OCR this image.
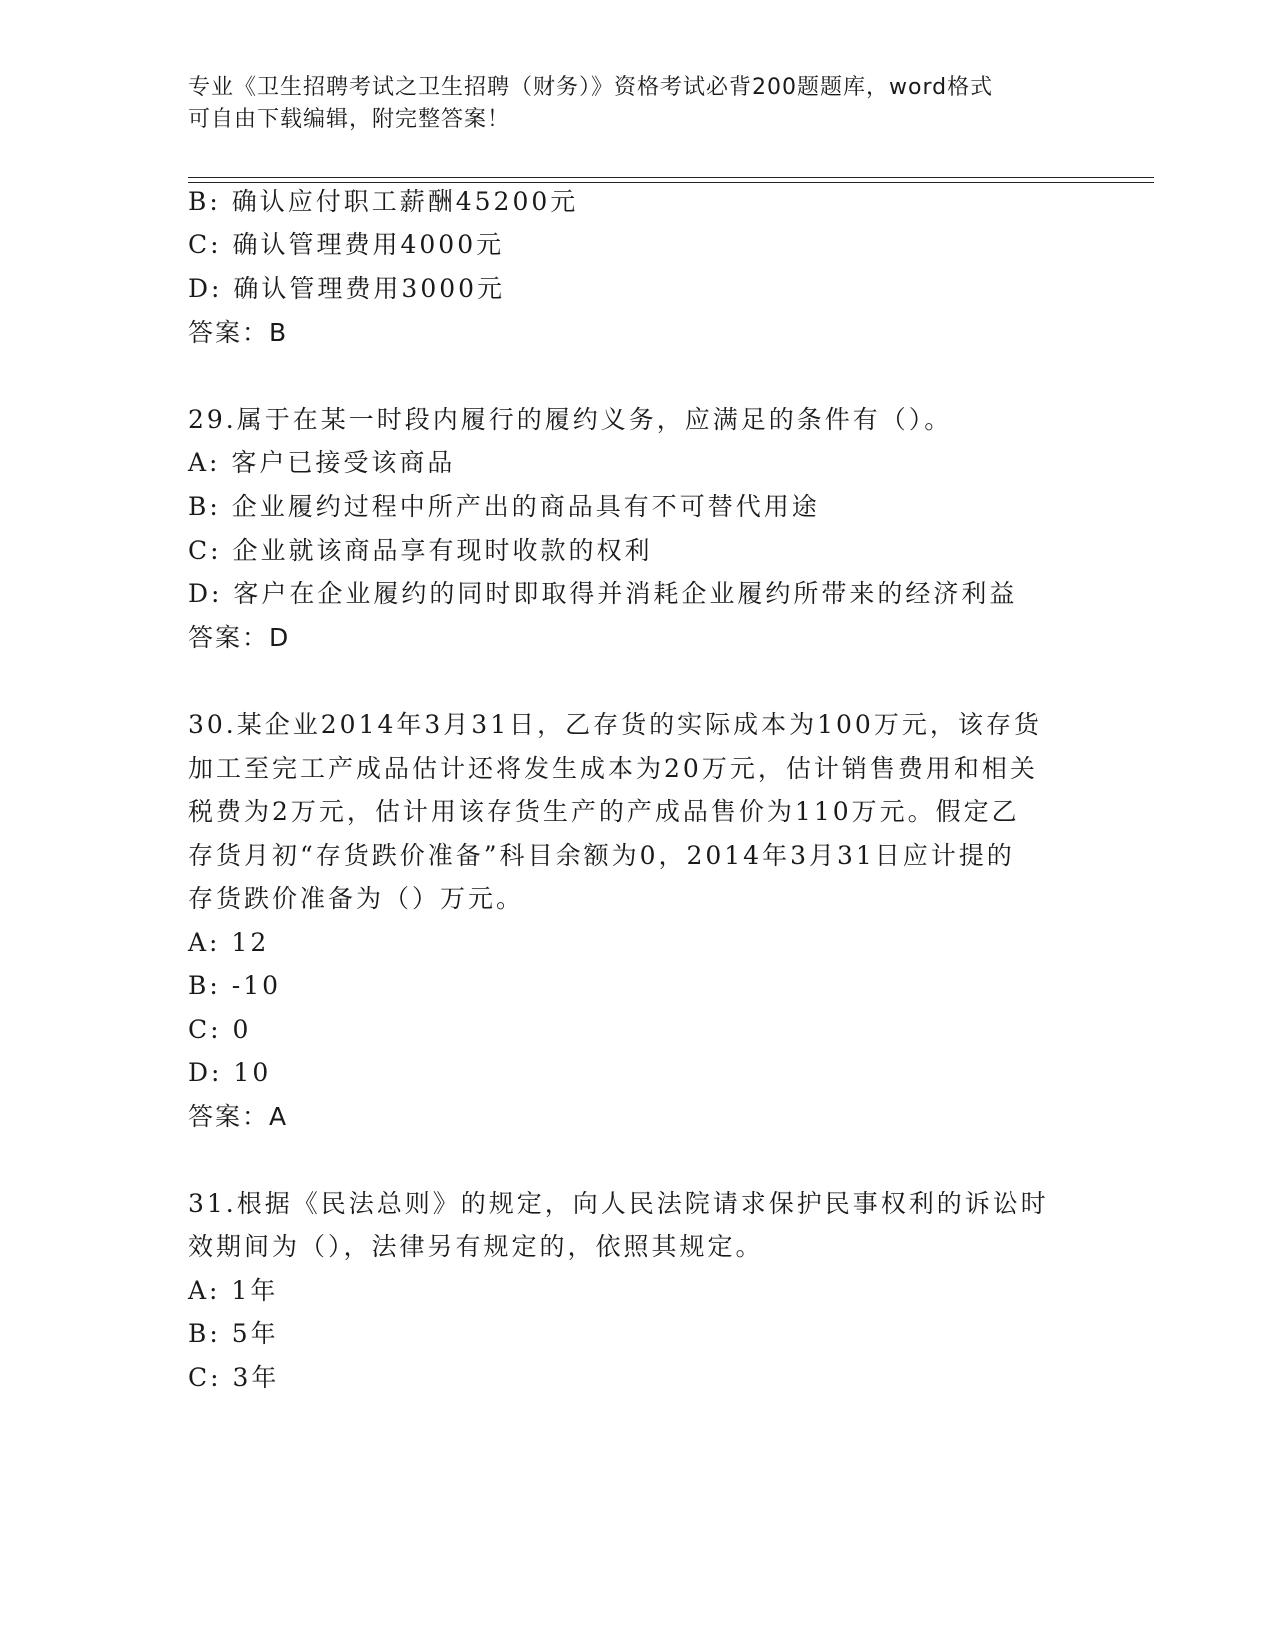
专业《卫生招聘考试之卫生招聘（财务）》资格考试必背200题题库，word格式
可自由下载编辑，附完整答案！
B: 确认应付职工薪酬45200元
C: 确认管理费用4000元
D: 确认管理费用3000元
答案：B
29.属于在某一时段内履行的履约义务，应满足的条件有（）。
A: 客户已接受该商品
B: 企业履约过程中所产出的商品具有不可替代用途
C: 企业就该商品享有现时收款的权利
D: 客户在企业履约的同时即取得并消耗企业履约所带来的经济利益
答案：D
30.某企业2014年3月31日，乙存货的实际成本为100万元，该存货
加工至完工产成品估计还将发生成本为20万元，估计销售费用和相关
税费为2万元，估计用该存货生产的产成品售价为110万元。假定乙
存货月初“存货跌价准备”科目余额为0，2014年3月31日应计提的
存货跌价准备为（）万元。
A: 12
B: -10
C: 0
D: 10
答案：A
31.根据《民法总则》的规定，向人民法院请求保护民事权利的诉讼时
效期间为（），法律另有规定的，依照其规定。
A: 1年
B: 5年
C: 3年
